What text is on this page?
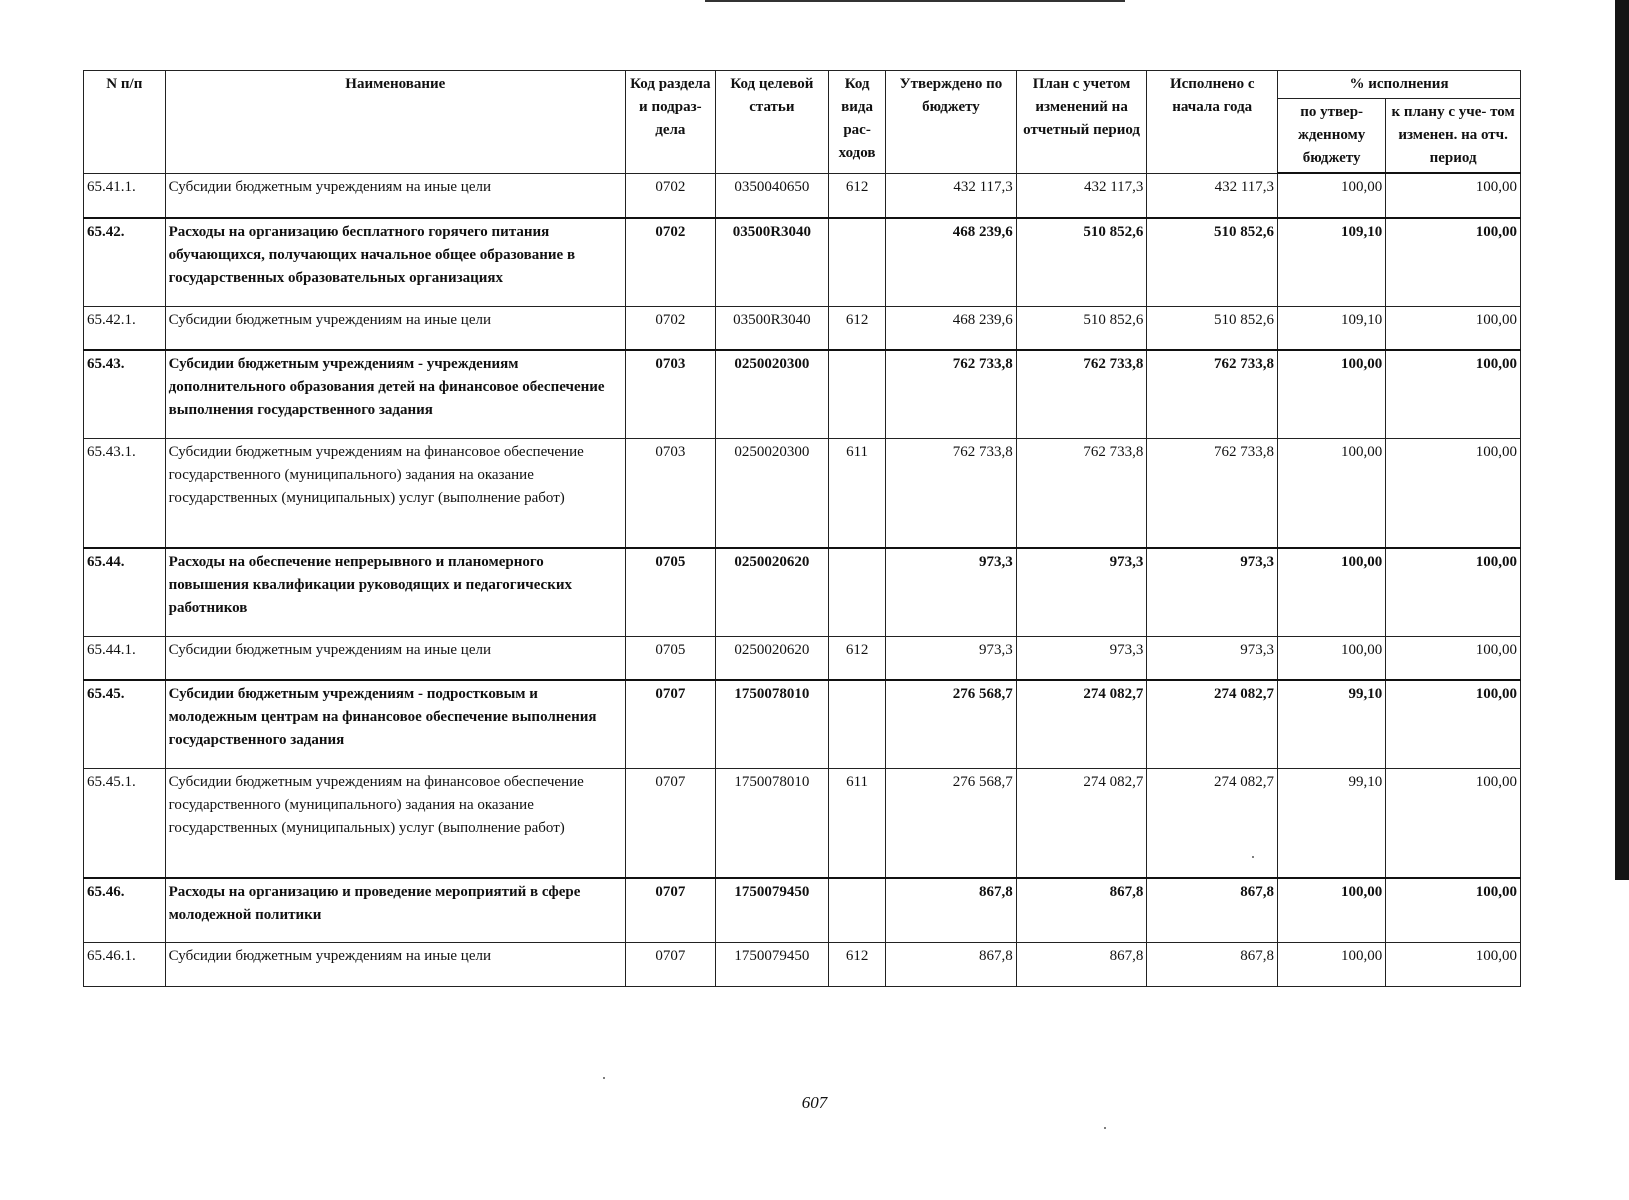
N п/п	Наименование	Код раздела и подраз- дела	Код целевой статьи	Код вида рас- ходов	Утверждено по бюджету	План с учетом изменений на отчетный период	Исполнено с начала года	% исполнения	
								по утвер- жденному бюджету	к плану с уче- том изменен. на отч. период
65.41.1.	Субсидии бюджетным учреждениям на иные цели	0702	0350040650	612	432 117,3	432 117,3	432 117,3	100,00	100,00
65.42.	Расходы на организацию бесплатного горячего питания обучающихся, получающих начальное общее образование в государственных образовательных организациях	0702	03500R3040		468 239,6	510 852,6	510 852,6	109,10	100,00
65.42.1.	Субсидии бюджетным учреждениям на иные цели	0702	03500R3040	612	468 239,6	510 852,6	510 852,6	109,10	100,00
65.43.	Субсидии бюджетным учреждениям - учреждениям дополнительного образования детей на финансовое обеспечение выполнения государственного задания	0703	0250020300		762 733,8	762 733,8	762 733,8	100,00	100,00
65.43.1.	Субсидии бюджетным учреждениям на финансовое обеспечение государственного (муниципального) задания на оказание государственных (муниципальных) услуг (выполнение работ)	0703	0250020300	611	762 733,8	762 733,8	762 733,8	100,00	100,00
65.44.	Расходы на обеспечение непрерывного и планомерного повышения квалификации руководящих и педагогических работников	0705	0250020620		973,3	973,3	973,3	100,00	100,00
65.44.1.	Субсидии бюджетным учреждениям на иные цели	0705	0250020620	612	973,3	973,3	973,3	100,00	100,00
65.45.	Субсидии бюджетным учреждениям - подростковым и молодежным центрам на финансовое обеспечение выполнения государственного задания	0707	1750078010		276 568,7	274 082,7	274 082,7	99,10	100,00
65.45.1.	Субсидии бюджетным учреждениям на финансовое обеспечение государственного (муниципального) задания на оказание государственных (муниципальных) услуг (выполнение работ)	0707	1750078010	611	276 568,7	274 082,7	274 082,7	99,10	100,00
65.46.	Расходы на организацию и проведение мероприятий в сфере молодежной политики	0707	1750079450		867,8	867,8	867,8	100,00	100,00
65.46.1.	Субсидии бюджетным учреждениям на иные цели	0707	1750079450	612	867,8	867,8	867,8	100,00	100,00
607
